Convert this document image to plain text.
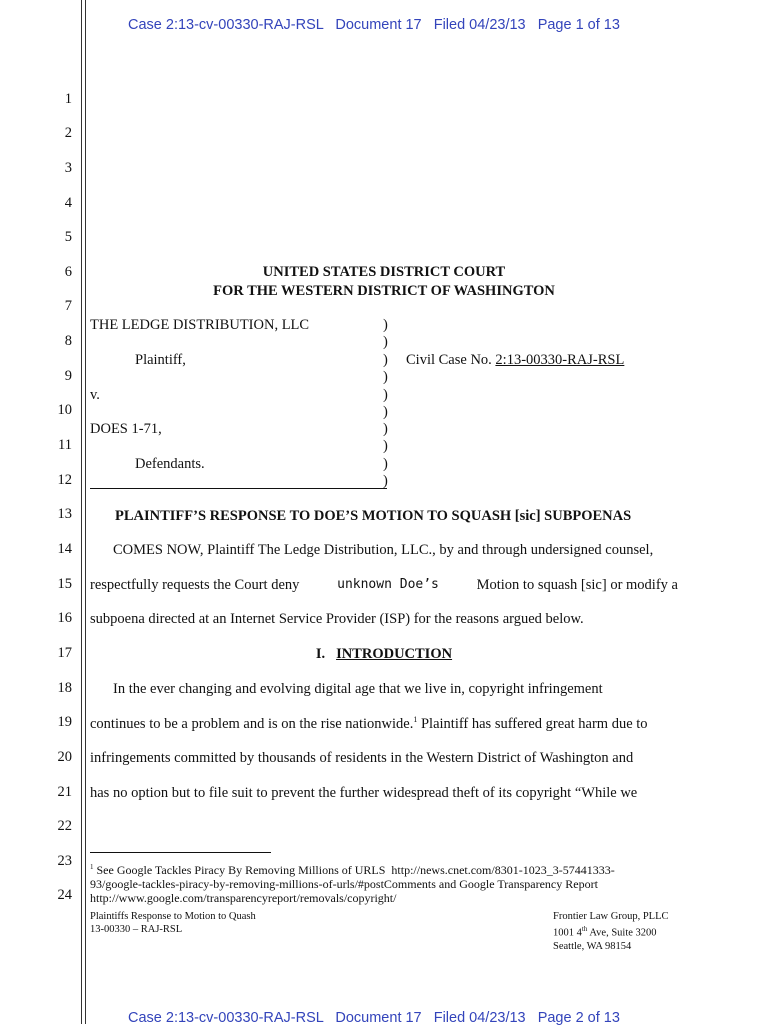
Case 2:13-cv-00330-RAJ-RSL   Document 17   Filed 04/23/13   Page 1 of 13
1
2
3
4
5
6
7
8
9
10
11
12
13
14
15
16
17
18
19
20
21
22
23
24
UNITED STATES DISTRICT COURT
FOR THE WESTERN DISTRICT OF WASHINGTON
THE LEDGE DISTRIBUTION, LLC
Plaintiff,
v.
DOES 1-71,
Defendants.
)
)
)
)
)
)
)
)
)
)
Civil Case No. 2:13-00330-RAJ-RSL
PLAINTIFF’S RESPONSE TO DOE’S MOTION TO SQUASH [sic] SUBPOENAS
COMES NOW, Plaintiff The Ledge Distribution, LLC., by and through undersigned counsel,
respectfully requests the Court deny	unknown Doe’s Motion to squash [sic] or modify a
subpoena directed at an Internet Service Provider (ISP) for the reasons argued below.
I. INTRODUCTION
In the ever changing and evolving digital age that we live in, copyright infringement
continues to be a problem and is on the rise nationwide.$^1$ Plaintiff has suffered great harm due to
infringements committed by thousands of residents in the Western District of Washington and
has no option but to file suit to prevent the further widespread theft of its copyright “While we
$^1$ See Google Tackles Piracy By Removing Millions of URLS  http://news.cnet.com/8301-1023_3-57441333-
93/google-tackles-piracy-by-removing-millions-of-urls/#postComments and Google Transparency Report
http://www.google.com/transparencyreport/removals/copyright/
Plaintiffs Response to Motion to Quash
13-00330 – RAJ-RSL
Frontier Law Group, PLLC
1001 4th Ave, Suite 3200
Seattle, WA 98154
Case 2:13-cv-00330-RAJ-RSL   Document 17   Filed 04/23/13   Page 2 of 13
